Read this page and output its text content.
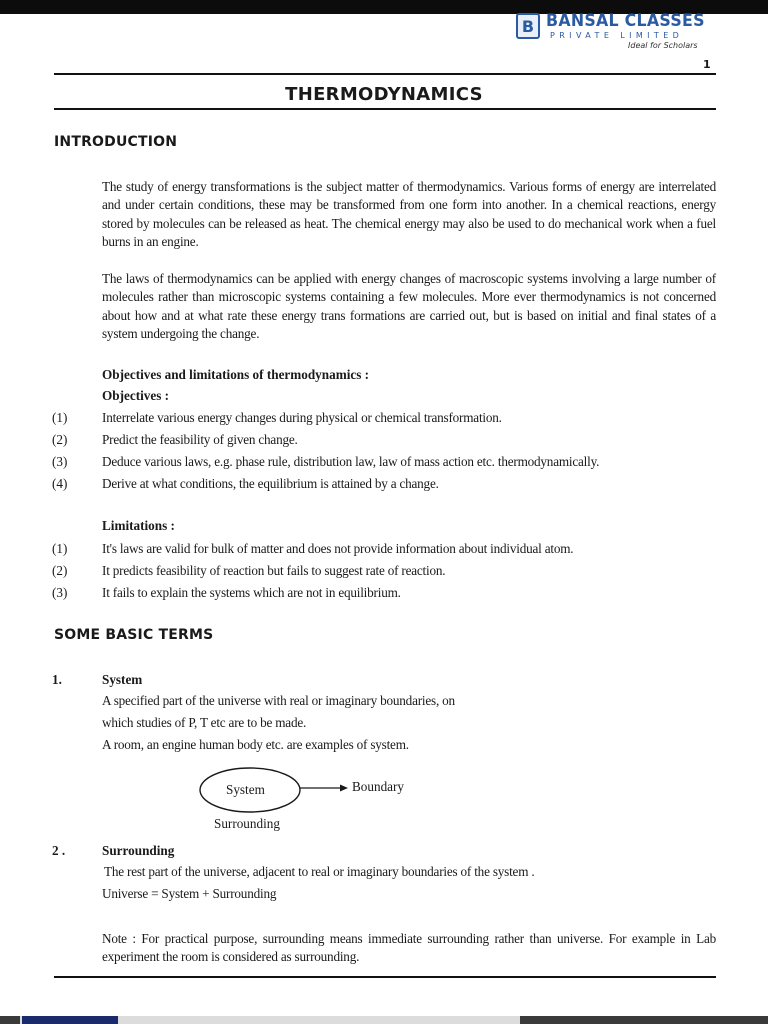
B BANSAL CLASSES
PRIVATE LIMITED
Ideal for Scholars
1
THERMODYNAMICS
INTRODUCTION

The study of energy transformations is the subject matter of thermodynamics. Various forms of energy are interrelated and under certain conditions, these may be transformed from one form into another. In a chemical reactions, energy stored by molecules can be released as heat. The chemical energy may also be used to do mechanical work when a fuel burns in an engine.

The laws of thermodynamics can be applied with energy changes of macroscopic systems involving a large number of molecules rather than microscopic systems containing a few molecules. More ever thermodynamics is not concerned about how and at what rate these energy trans formations are carried out, but is based on initial and final states of a system undergoing the change.

Objectives and limitations of thermodynamics :
Objectives :
(1)	Interrelate various energy changes during physical or chemical transformation.
(2)	Predict the feasibility of given change.
(3)	Deduce various laws, e.g. phase rule, distribution law, law of mass action etc. thermodynamically.
(4)	Derive at what conditions, the equilibrium is attained by a change.
Limitations :
(1)	It's laws are valid for bulk of matter and does not provide information about individual atom.
(2)	It predicts feasibility of reaction but fails to suggest rate of reaction.
(3)	It fails to explain the systems which are not in equilibrium.
SOME BASIC TERMS
1.	System
A specified part of the universe with real or imaginary boundaries, on
which studies of P, T etc are to be made.
A room, an engine human body etc. are examples of system.
System	Boundary
Surrounding
2 .	Surrounding
The rest part of the universe, adjacent to real or imaginary boundaries of the system .
Universe = System + Surrounding

Note : For practical purpose, surrounding means immediate surrounding rather than universe. For example in Lab experiment the room is considered as surrounding.
